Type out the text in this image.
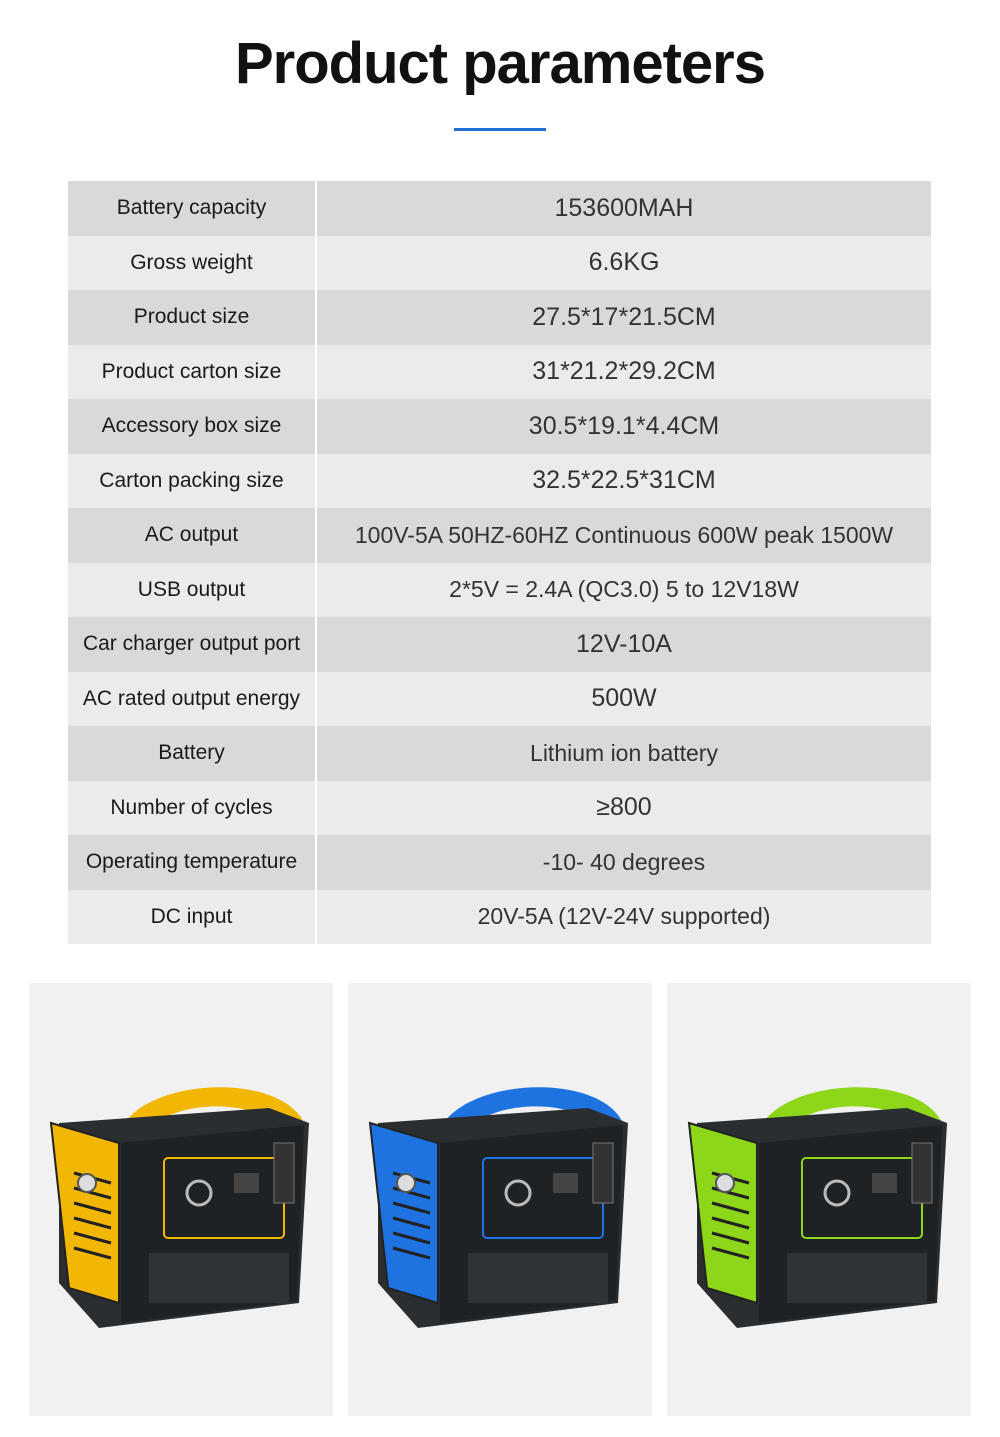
Product parameters
Battery capacity	153600MAH
Gross weight	6.6KG
Product size	27.5*17*21.5CM
Product carton size	31*21.2*29.2CM
Accessory box size	30.5*19.1*4.4CM
Carton packing size	32.5*22.5*31CM
AC output	100V-5A 50HZ-60HZ Continuous 600W peak 1500W
USB output	2*5V = 2.4A (QC3.0) 5 to 12V18W
Car charger output port	12V-10A
AC rated output energy	500W
Battery	Lithium ion battery
Number of cycles	≥800
Operating temperature	-10- 40 degrees
DC input	20V-5A (12V-24V supported)
